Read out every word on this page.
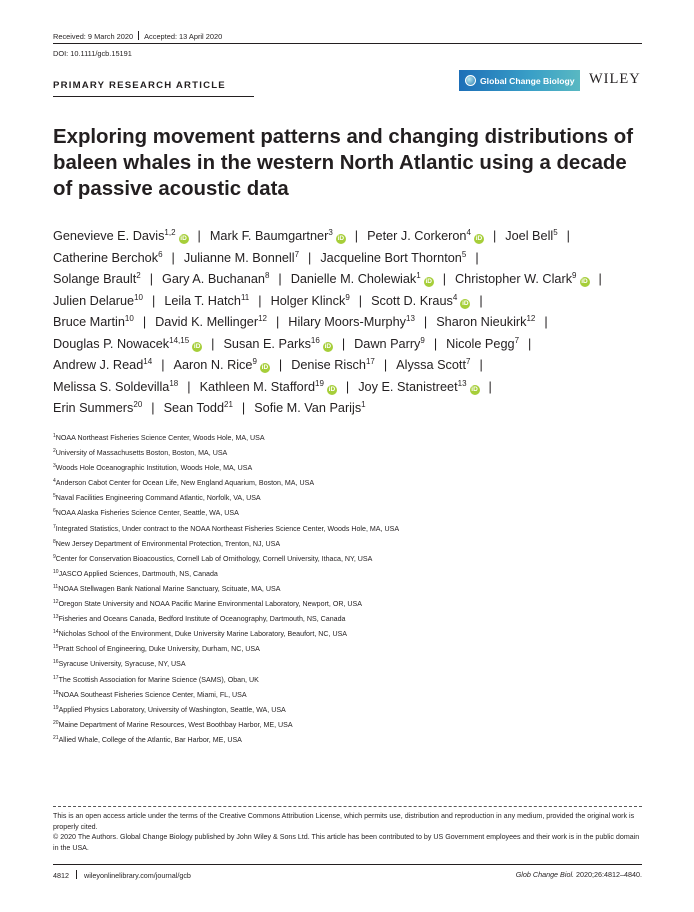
Received: 9 March 2020 Accepted: 13 April 2020
DOI: 10.1111/gcb.15191
PRIMARY RESEARCH ARTICLE	Global Change Biology WILEY
Exploring movement patterns and changing distributions of baleen whales in the western North Atlantic using a decade of passive acoustic data
Genevieve E. Davis$^{1,2}$iD | Mark F. Baumgartner$^3$iD | Peter J. Corkeron$^4$iD | Joel Bell$^5$ |
Catherine Berchok$^6$ | Julianne M. Bonnell$^7$ | Jacqueline Bort Thornton$^5$ |
Solange Brault$^2$ | Gary A. Buchanan$^8$ | Danielle M. Cholewiak$^1$iD | Christopher W. Clark$^9$iD |
Julien Delarue$^{10}$ | Leila T. Hatch$^{11}$ | Holger Klinck$^9$ | Scott D. Kraus$^4$iD |
Bruce Martin$^{10}$ | David K. Mellinger$^{12}$ | Hilary Moors-Murphy$^{13}$ | Sharon Nieukirk$^{12}$ |
Douglas P. Nowacek$^{14,15}$iD | Susan E. Parks$^{16}$iD | Dawn Parry$^9$ | Nicole Pegg$^7$ |
Andrew J. Read$^{14}$ | Aaron N. Rice$^9$iD | Denise Risch$^{17}$ | Alyssa Scott$^7$ |
Melissa S. Soldevilla$^{18}$ | Kathleen M. Stafford$^{19}$iD | Joy E. Stanistreet$^{13}$iD |
Erin Summers$^{20}$ | Sean Todd$^{21}$ | Sofie M. Van Parijs$^1$
$^1$NOAA Northeast Fisheries Science Center, Woods Hole, MA, USA
$^2$University of Massachusetts Boston, Boston, MA, USA
$^3$Woods Hole Oceanographic Institution, Woods Hole, MA, USA
$^4$Anderson Cabot Center for Ocean Life, New England Aquarium, Boston, MA, USA
$^5$Naval Facilities Engineering Command Atlantic, Norfolk, VA, USA
$^6$NOAA Alaska Fisheries Science Center, Seattle, WA, USA
$^7$Integrated Statistics, Under contract to the NOAA Northeast Fisheries Science Center, Woods Hole, MA, USA
$^8$New Jersey Department of Environmental Protection, Trenton, NJ, USA
$^9$Center for Conservation Bioacoustics, Cornell Lab of Ornithology, Cornell University, Ithaca, NY, USA
$^{10}$JASCO Applied Sciences, Dartmouth, NS, Canada
$^{11}$NOAA Stellwagen Bank National Marine Sanctuary, Scituate, MA, USA
$^{12}$Oregon State University and NOAA Pacific Marine Environmental Laboratory, Newport, OR, USA
$^{13}$Fisheries and Oceans Canada, Bedford Institute of Oceanography, Dartmouth, NS, Canada
$^{14}$Nicholas School of the Environment, Duke University Marine Laboratory, Beaufort, NC, USA
$^{15}$Pratt School of Engineering, Duke University, Durham, NC, USA
$^{16}$Syracuse University, Syracuse, NY, USA
$^{17}$The Scottish Association for Marine Science (SAMS), Oban, UK
$^{18}$NOAA Southeast Fisheries Science Center, Miami, FL, USA
$^{19}$Applied Physics Laboratory, University of Washington, Seattle, WA, USA
$^{20}$Maine Department of Marine Resources, West Boothbay Harbor, ME, USA
$^{21}$Allied Whale, College of the Atlantic, Bar Harbor, ME, USA
This is an open access article under the terms of the Creative Commons Attribution License, which permits use, distribution and reproduction in any medium, provided the original work is properly cited.
© 2020 The Authors. Global Change Biology published by John Wiley & Sons Ltd. This article has been contributed to by US Government employees and their work is in the public domain in the USA.
4812 wileyonlinelibrary.com/journal/gcb	Glob Change Biol. 2020;26:4812–4840.
